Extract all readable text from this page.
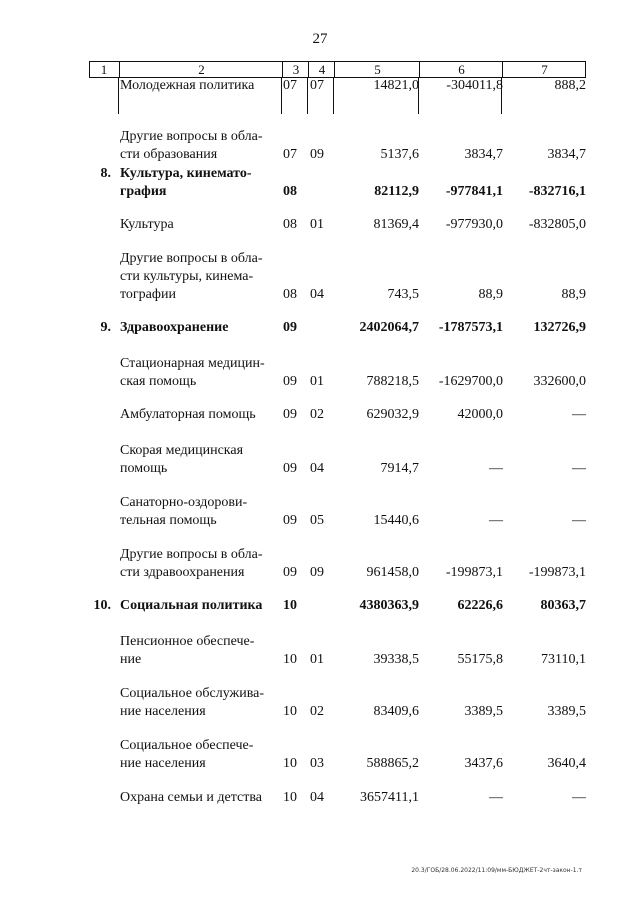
27
1	2	3	4	5	6	7
Молодежная политика	07 07	14821,0 -304011,8	888,2
Другие вопросы в обла-
сти образования	07 09	5137,6	3834,7	3834,7
8. Культура, кинемато-
графия	08	82112,9 -977841,1 -832716,1
Культура	08 01	81369,4 -977930,0 -832805,0
Другие вопросы в обла-
сти культуры, кинема-
тографии	08 04	743,5	88,9	88,9
9. Здравоохранение	09	2402064,7 -1787573,1 132726,9
Стационарная медицин-
ская помощь	09 01	788218,5 -1629700,0 332600,0
Амбулаторная помощь	09 02	629032,9	42000,0	—
Скорая медицинская
помощь	09 04	7914,7	—	—
Санаторно-оздорови-
тельная помощь	09 05	15440,6	—	—
Другие вопросы в обла-
сти здравоохранения	09 09	961458,0 -199873,1 -199873,1
10. Социальная политика	10	4380363,9	62226,6	80363,7
Пенсионное обеспече-
ние	10 01	39338,5	55175,8	73110,1
Социальное обслужива-
ние населения	10 02	83409,6	3389,5	3389,5
Социальное обеспече-
ние населения	10 03	588865,2	3437,6	3640,4
Охрана семьи и детства	10 04	3657411,1	—	—
20.3/ГОБ/28.06.2022/11:09/мм-БЮДЖЕТ-2чт-закон-1.т
